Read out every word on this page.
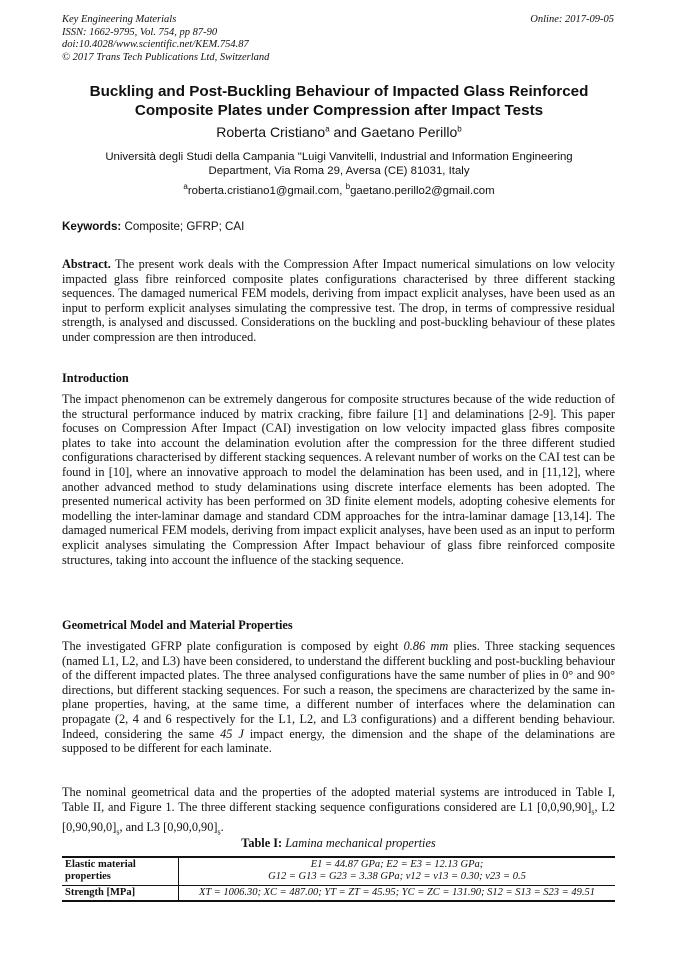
Key Engineering Materials
ISSN: 1662-9795, Vol. 754, pp 87-90
doi:10.4028/www.scientific.net/KEM.754.87
© 2017 Trans Tech Publications Ltd, Switzerland
Online: 2017-09-05
Buckling and Post-Buckling Behaviour of Impacted Glass Reinforced
Composite Plates under Compression after Impact Tests
Roberta Cristiano$^a$ and Gaetano Perillo$^b$
Università degli Studi della Campania "Luigi Vanvitelli, Industrial and Information Engineering
Department, Via Roma 29, Aversa (CE) 81031, Italy
$^a$roberta.cristiano1@gmail.com, $^b$gaetano.perillo2@gmail.com
Keywords: Composite; GFRP; CAI
Abstract. The present work deals with the Compression After Impact numerical simulations on low velocity impacted glass fibre reinforced composite plates configurations characterised by three different stacking sequences. The damaged numerical FEM models, deriving from impact explicit analyses, have been used as an input to perform explicit analyses simulating the compressive test. The drop, in terms of compressive residual strength, is analysed and discussed. Considerations on the buckling and post-buckling behaviour of these plates under compression are then introduced.
Introduction
The impact phenomenon can be extremely dangerous for composite structures because of the wide reduction of the structural performance induced by matrix cracking, fibre failure [1] and delaminations [2-9]. This paper focuses on Compression After Impact (CAI) investigation on low velocity impacted glass fibres composite plates to take into account the delamination evolution after the compression for the three different studied configurations characterised by different stacking sequences. A relevant number of works on the CAI test can be found in [10], where an innovative approach to model the delamination has been used, and in [11,12], where another advanced method to study delaminations using discrete interface elements has been adopted. The presented numerical activity has been performed on 3D finite element models, adopting cohesive elements for modelling the inter-laminar damage and standard CDM approaches for the intra-laminar damage [13,14]. The damaged numerical FEM models, deriving from impact explicit analyses, have been used as an input to perform explicit analyses simulating the Compression After Impact behaviour of glass fibre reinforced composite structures, taking into account the influence of the stacking sequence.
Geometrical Model and Material Properties
The investigated GFRP plate configuration is composed by eight 0.86 mm plies. Three stacking sequences (named L1, L2, and L3) have been considered, to understand the different buckling and post-buckling behaviour of the different impacted plates. The three analysed configurations have the same number of plies in 0° and 90° directions, but different stacking sequences. For such a reason, the specimens are characterized by the same in-plane properties, having, at the same time, a different number of interfaces where the delamination can propagate (2, 4 and 6 respectively for the L1, L2, and L3 configurations) and a different bending behaviour. Indeed, considering the same 45 J impact energy, the dimension and the shape of the delaminations are supposed to be different for each laminate.
The nominal geometrical data and the properties of the adopted material systems are introduced in Table I, Table II, and Figure 1. The three different stacking sequence configurations considered are L1 $[0,0,90,90]_s$, L2 $[0,90,90,0]_s$, and L3 $[0,90,0,90]_s$.
Table I: Lamina mechanical properties
Elastic material properties	E1 = 44.87 GPa; E2 = E3 = 12.13 GPa;
G12 = G13 = G23 = 3.38 GPa; v12 = v13 = 0.30; v23 = 0.5

Strength [MPa]	XT = 1006.30; XC = 487.00; YT = ZT = 45.95; YC = ZC = 131.90; S12 = S13 = S23 = 49.51
